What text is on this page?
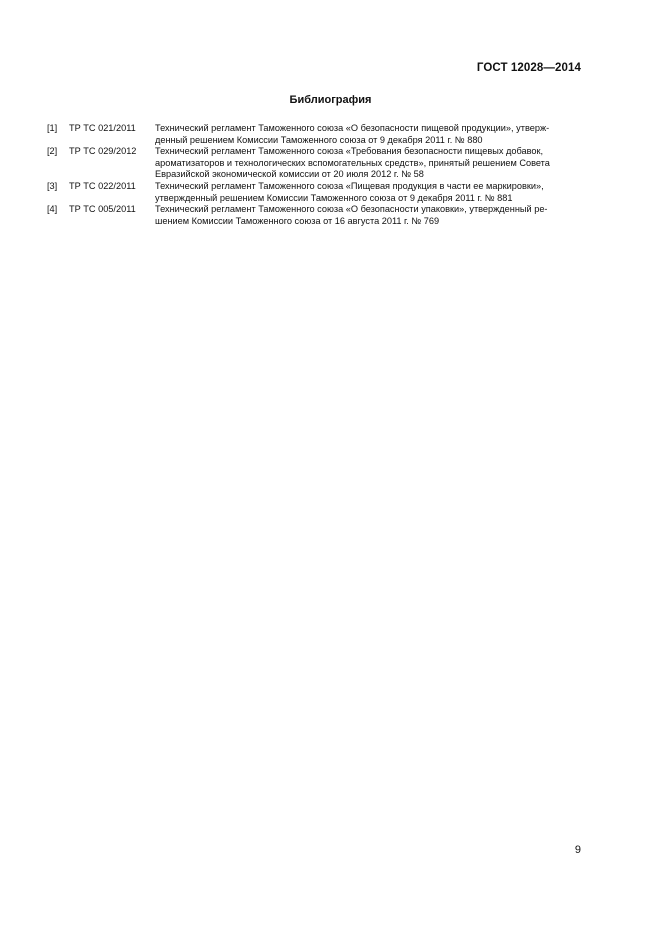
ГОСТ 12028—2014
Библиография
[1]	ТР ТС 021/2011	Технический регламент Таможенного союза «О безопасности пищевой продукции», утверж-
денный решением Комиссии Таможенного союза от 9 декабря 2011 г. № 880
[2]	ТР ТС 029/2012	Технический регламент Таможенного союза «Требования безопасности пищевых добавок,
ароматизаторов и технологических вспомогательных средств», принятый решением Совета
Евразийской экономической комиссии от 20 июля 2012 г. № 58
[3]	ТР ТС 022/2011	Технический регламент Таможенного союза «Пищевая продукция в части ее маркировки»,
утвержденный решением Комиссии Таможенного союза от 9 декабря 2011 г. № 881
[4]	ТР ТС 005/2011	Технический регламент Таможенного союза «О безопасности упаковки», утвержденный ре-
шением Комиссии Таможенного союза от 16 августа 2011 г. № 769
9
